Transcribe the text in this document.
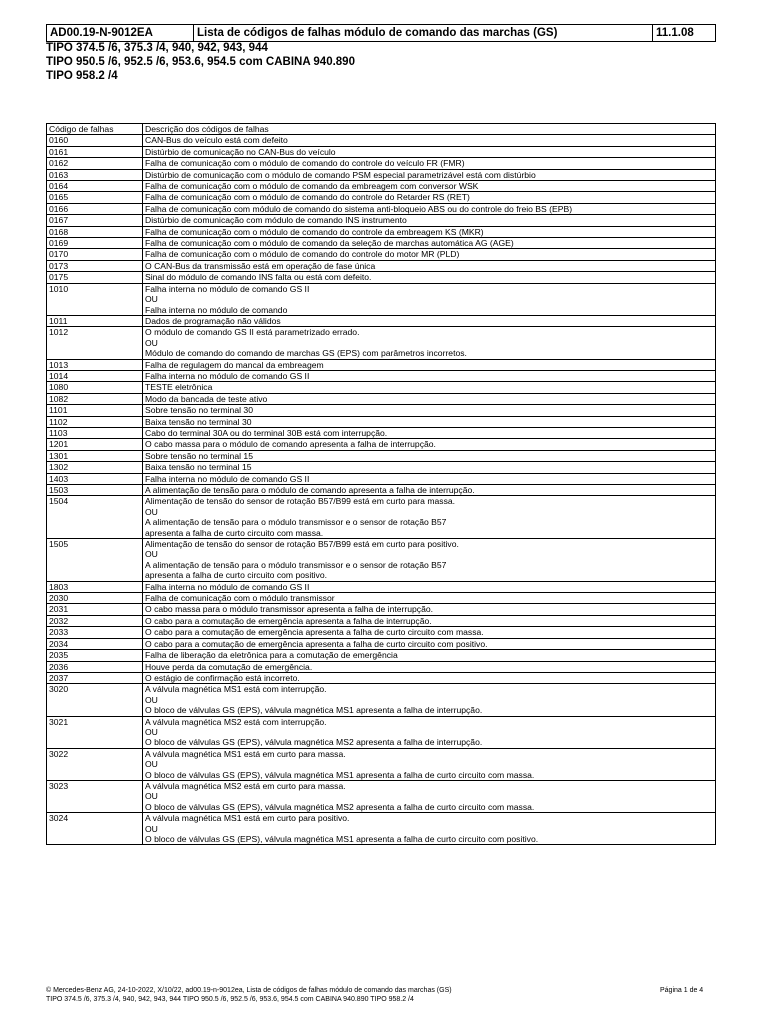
AD00.19-N-9012EA	Lista de códigos de falhas módulo de comando das marchas (GS)	11.1.08
TIPO 374.5 /6, 375.3 /4, 940, 942, 943, 944
TIPO 950.5 /6, 952.5 /6, 953.6, 954.5 com CABINA 940.890
TIPO 958.2 /4
Código de falhas	Descrição dos códigos de falhas
0160	CAN-Bus do veículo está com defeito

0161	Distúrbio de comunicação no CAN-Bus do veículo

0162	Falha de comunicação com o módulo de comando do controle do veículo FR (FMR)

0163	Distúrbio de comunicação com o módulo de comando PSM especial parametrizável está com distúrbio

0164	Falha de comunicação com o módulo de comando da embreagem com conversor WSK

0165	Falha de comunicação com o módulo de comando do controle do Retarder RS (RET)

0166	Falha de comunicação com módulo de comando do sistema anti-bloqueio ABS ou do controle do freio BS (EPB)

0167	Distúrbio de comunicação com módulo de comando INS instrumento

0168	Falha de comunicação com o módulo de comando do controle da embreagem KS (MKR)

0169	Falha de comunicação com o módulo de comando da seleção de marchas automática AG (AGE)

0170	Falha de comunicação com o módulo de comando do controle do motor MR (PLD)

0173	O CAN-Bus da transmissão está em operação de fase única

0175	Sinal do módulo de comando INS falta ou está com defeito.

1010	Falha interna no módulo de comando GS II
OU
Falha interna no módulo de comando

1011	Dados de programação não válidos

1012	O módulo de comando GS II está parametrizado errado.
OU
Módulo de comando do comando de marchas GS (EPS) com parâmetros incorretos.

1013	Falha de regulagem do mancal da embreagem

1014	Falha interna no módulo de comando GS II

1080	TESTE eletrônica

1082	Modo da bancada de teste ativo

1101	Sobre tensão no terminal 30

1102	Baixa tensão no terminal 30

1103	Cabo do terminal 30A ou do terminal 30B está com interrupção.

1201	O cabo massa para o módulo de comando apresenta a falha de interrupção.

1301	Sobre tensão no terminal 15

1302	Baixa tensão no terminal 15

1403	Falha interna no módulo de comando GS II

1503	A alimentação de tensão para o módulo de comando apresenta a falha de interrupção.

1504	Alimentação de tensão do sensor de rotação B57/B99 está em curto para massa.
OU
A alimentação de tensão para o módulo transmissor e o sensor de rotação B57
apresenta a falha de curto circuito com massa.

1505	Alimentação de tensão do sensor de rotação B57/B99 está em curto para positivo.
OU
A alimentação de tensão para o módulo transmissor e o sensor de rotação B57
apresenta a falha de curto circuito com positivo.

1803	Falha interna no módulo de comando GS II

2030	Falha de comunicação com o módulo transmissor

2031	O cabo massa para o módulo transmissor apresenta a falha de interrupção.

2032	O cabo para a comutação de emergência apresenta a falha de interrupção.

2033	O cabo para a comutação de emergência apresenta a falha de curto circuito com massa.

2034	O cabo para a comutação de emergência apresenta a falha de curto circuito com positivo.

2035	Falha de liberação da eletrônica para a comutação de emergência

2036	Houve perda da comutação de emergência.

2037	O estágio de confirmação está incorreto.

3020	A válvula magnética MS1 está com interrupção.
OU
O bloco de válvulas GS (EPS), válvula magnética MS1 apresenta a falha de interrupção.

3021	A válvula magnética MS2 está com interrupção.
OU
O bloco de válvulas GS (EPS), válvula magnética MS2 apresenta a falha de interrupção.

3022	A válvula magnética MS1 está em curto para massa.
OU
O bloco de válvulas GS (EPS), válvula magnética MS1 apresenta a falha de curto circuito com massa.

3023	A válvula magnética MS2 está em curto para massa.
OU
O bloco de válvulas GS (EPS), válvula magnética MS2 apresenta a falha de curto circuito com massa.

3024	A válvula magnética MS1 está em curto para positivo.
OU
O bloco de válvulas GS (EPS), válvula magnética MS1 apresenta a falha de curto circuito com positivo.
© Mercedes-Benz AG, 24-10-2022, X/10/22, ad00.19-n-9012ea, Lista de códigos de falhas módulo de comando das marchas (GS)
TIPO 374.5 /6, 375.3 /4, 940, 942, 943, 944 TIPO 950.5 /6, 952.5 /6, 953.6, 954.5 com CABINA 940.890 TIPO 958.2 /4
Página 1 de 4
